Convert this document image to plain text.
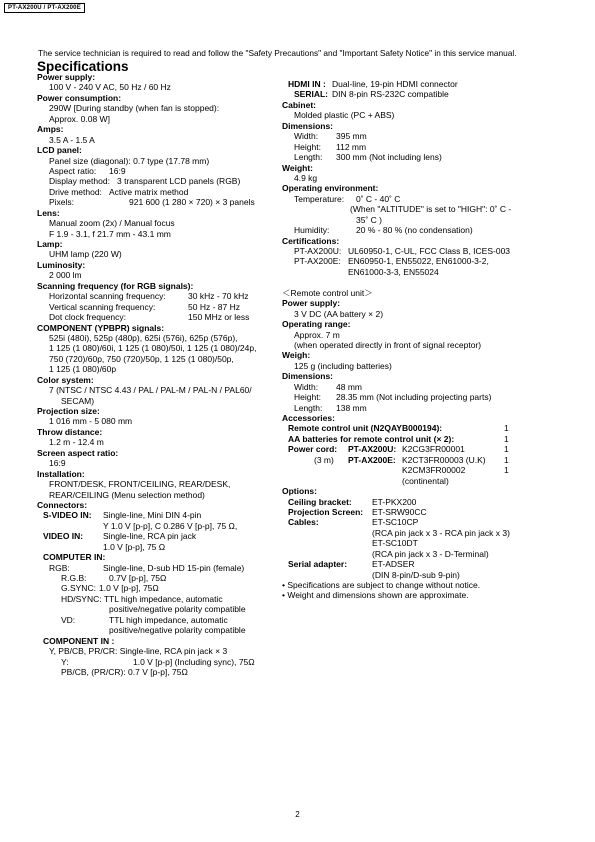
PT-AX200U / PT-AX200E
The service technician is required to read and follow the "Safety Precautions" and "Important Safety Notice" in this service manual.
Specifications
Power supply:
100 V - 240 V AC, 50 Hz / 60 Hz
Power consumption:
290W [During standby (when fan is stopped):
Approx. 0.08 W]
Amps:
3.5 A - 1.5 A
LCD panel:
Panel size (diagonal): 0.7 type (17.78 mm)
Aspect ratio: 16:9
Display method: 3 transparent LCD panels (RGB)
Drive method: Active matrix method
Pixels:	921 600 (1 280 × 720) × 3 panels
Lens:
Manual zoom (2x) / Manual focus
F 1.9 - 3.1, f 21.7 mm - 43.1 mm
Lamp:
UHM lamp (220 W)
Luminosity:
2 000 lm
Scanning frequency (for RGB signals):
Horizontal scanning frequency:	30 kHz - 70 kHz
Vertical scanning frequency:	50 Hz - 87 Hz
Dot clock frequency:	150 MHz or less
COMPONENT (YPBPR) signals:
525i (480i), 525p (480p), 625i (576i), 625p (576p),
1 125 (1 080)/60i, 1 125 (1 080)/50i, 1 125 (1 080)/24p,
750 (720)/60p, 750 (720)/50p, 1 125 (1 080)/50p,
1 125 (1 080)/60p
Color system:
7 (NTSC / NTSC 4.43 / PAL / PAL-M / PAL-N / PAL60/
SECAM)
Projection size:
1 016 mm - 5 080 mm
Throw distance:
1.2 m - 12.4 m
Screen aspect ratio:
16:9
Installation:
FRONT/DESK, FRONT/CEILING, REAR/DESK,
REAR/CEILING (Menu selection method)
Connectors:
S-VIDEO IN: Single-line, Mini DIN 4-pin
Y 1.0 V [p-p], C 0.286 V [p-p], 75 Ω,
VIDEO IN: Single-line, RCA pin jack
1.0 V [p-p], 75 Ω
COMPUTER IN:
RGB:	Single-line, D-sub HD 15-pin (female)
R.G.B:	0.7V [p-p], 75Ω
G.SYNC: 1.0 V [p-p], 75Ω
HD/SYNC: TTL high impedance, automatic
positive/negative polarity compatible
VD:	TTL high impedance, automatic
positive/negative polarity compatible
COMPONENT IN :
Y, PB/CB, PR/CR: Single-line, RCA pin jack × 3
Y:	1.0 V [p-p] (Including sync), 75Ω
PB/CB, (PR/CR): 0.7 V [p-p], 75Ω
HDMI IN : Dual-line, 19-pin HDMI connector
SERIAL: DIN 8-pin RS-232C compatible
Cabinet:
Molded plastic (PC + ABS)
Dimensions:
Width: 395 mm
Height: 112 mm
Length: 300 mm (Not including lens)
Weight:
4.9 kg
Operating environment:
Temperature: 0˚ C - 40˚ C
(When "ALTITUDE" is set to "HIGH": 0˚ C -
35˚ C )
Humidity:	20 % - 80 % (no condensation)
Certifications:
PT-AX200U: UL60950-1, C-UL, FCC Class B, ICES-003
PT-AX200E: EN60950-1, EN55022, EN61000-3-2,
EN61000-3-3, EN55024
＜Remote control unit＞
Power supply:
3 V DC (AA battery × 2)
Operating range:
Approx. 7 m
(when operated directly in front of signal receptor)
Weigh:
125 g (including batteries)
Dimensions:
Width: 48 mm
Height: 28.35 mm (Not including projecting parts)
Length: 138 mm
Accessories:
Remote control unit (N2QAYB000194):	1
AA batteries for remote control unit (× 2):	1
Power cord: PT-AX200U: K2CG3FR00001	1
(3 m) PT-AX200E: K2CT3FR00003 (U.K) 1
K2CM3FR00002	1
(continental)
Options:
Ceiling bracket: ET-PKX200
Projection Screen: ET-SRW90CC
Cables:	ET-SC10CP
(RCA pin jack x 3 - RCA pin jack x 3)
ET-SC10DT
(RCA pin jack x 3 - D-Terminal)
Serial adapter:	ET-ADSER
(DIN 8-pin/D-sub 9-pin)
• Specifications are subject to change without notice.
• Weight and dimensions shown are approximate.
2
